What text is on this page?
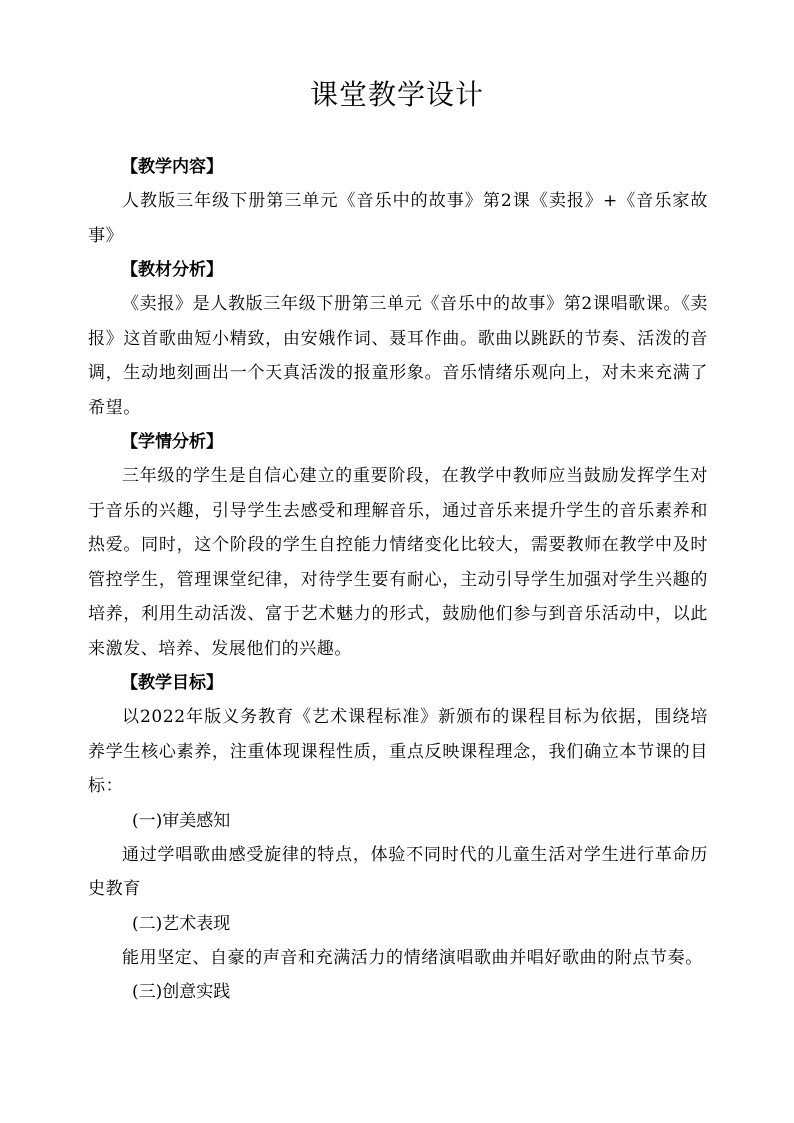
课堂教学设计
【教学内容】
人教版三年级下册第三单元《音乐中的故事》第2课《卖报》+《音乐家故事》
【教材分析】
《卖报》是人教版三年级下册第三单元《音乐中的故事》第2课唱歌课。《卖报》这首歌曲短小精致，由安娥作词、聂耳作曲。歌曲以跳跃的节奏、活泼的音调，生动地刻画出一个天真活泼的报童形象。音乐情绪乐观向上，对未来充满了希望。
【学情分析】
三年级的学生是自信心建立的重要阶段，在教学中教师应当鼓励发挥学生对于音乐的兴趣，引导学生去感受和理解音乐，通过音乐来提升学生的音乐素养和热爱。同时，这个阶段的学生自控能力情绪变化比较大，需要教师在教学中及时管控学生，管理课堂纪律，对待学生要有耐心，主动引导学生加强对学生兴趣的培养，利用生动活泼、富于艺术魅力的形式，鼓励他们参与到音乐活动中，以此来激发、培养、发展他们的兴趣。
【教学目标】
以2022年版义务教育《艺术课程标准》新颁布的课程目标为依据，围绕培养学生核心素养，注重体现课程性质，重点反映课程理念，我们确立本节课的目标：
(一)审美感知
通过学唱歌曲感受旋律的特点，体验不同时代的儿童生活对学生进行革命历史教育
(二)艺术表现
能用坚定、自豪的声音和充满活力的情绪演唱歌曲并唱好歌曲的附点节奏。
(三)创意实践
